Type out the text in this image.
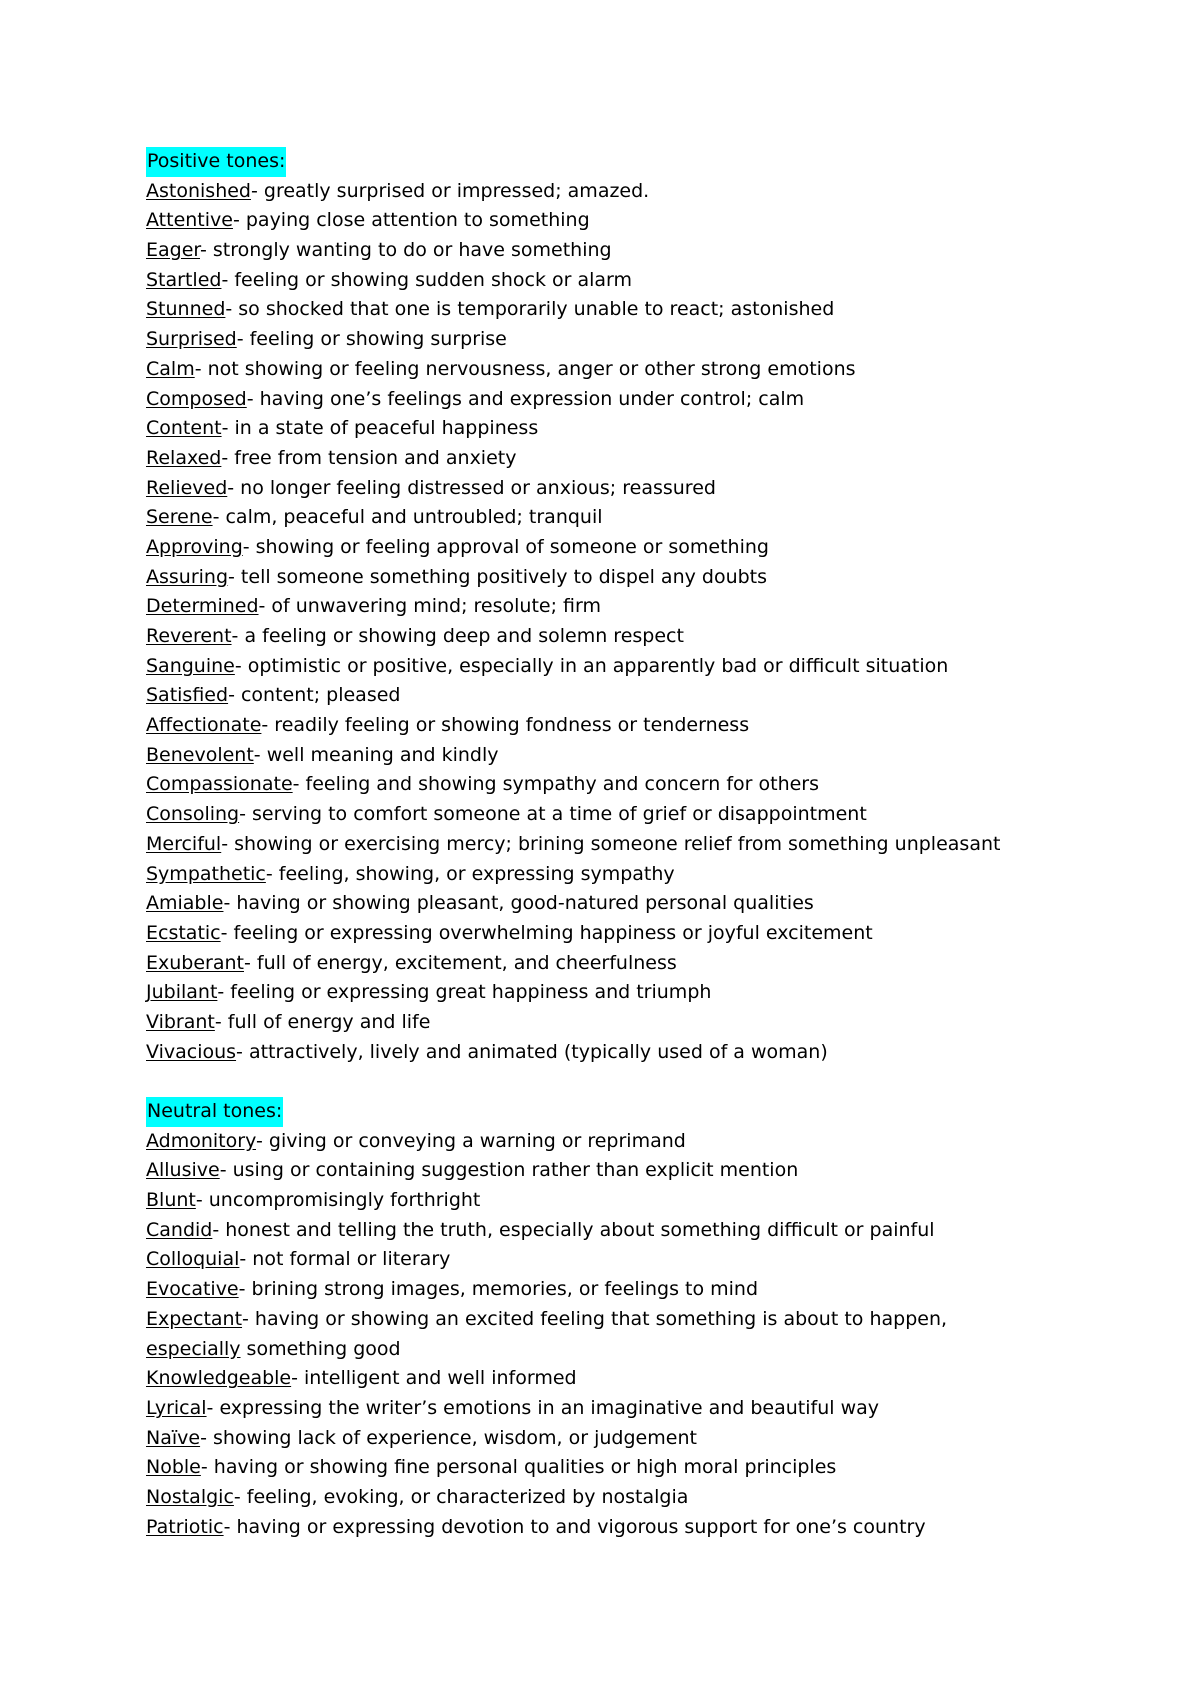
Positive tones:
Astonished- greatly surprised or impressed; amazed.
Attentive- paying close attention to something
Eager- strongly wanting to do or have something
Startled- feeling or showing sudden shock or alarm
Stunned- so shocked that one is temporarily unable to react; astonished
Surprised- feeling or showing surprise
Calm- not showing or feeling nervousness, anger or other strong emotions
Composed- having one’s feelings and expression under control; calm
Content- in a state of peaceful happiness
Relaxed- free from tension and anxiety
Relieved- no longer feeling distressed or anxious; reassured
Serene- calm, peaceful and untroubled; tranquil
Approving- showing or feeling approval of someone or something
Assuring- tell someone something positively to dispel any doubts
Determined- of unwavering mind; resolute; firm
Reverent- a feeling or showing deep and solemn respect
Sanguine- optimistic or positive, especially in an apparently bad or difficult situation
Satisfied- content; pleased
Affectionate- readily feeling or showing fondness or tenderness
Benevolent- well meaning and kindly
Compassionate- feeling and showing sympathy and concern for others
Consoling- serving to comfort someone at a time of grief or disappointment
Merciful- showing or exercising mercy; brining someone relief from something unpleasant
Sympathetic- feeling, showing, or expressing sympathy
Amiable- having or showing pleasant, good-natured personal qualities
Ecstatic- feeling or expressing overwhelming happiness or joyful excitement
Exuberant- full of energy, excitement, and cheerfulness
Jubilant- feeling or expressing great happiness and triumph
Vibrant- full of energy and life
Vivacious- attractively, lively and animated (typically used of a woman)
Neutral tones:
Admonitory- giving or conveying a warning or reprimand
Allusive- using or containing suggestion rather than explicit mention
Blunt- uncompromisingly forthright
Candid- honest and telling the truth, especially about something difficult or painful
Colloquial- not formal or literary
Evocative- brining strong images, memories, or feelings to mind
Expectant- having or showing an excited feeling that something is about to happen,
especially something good
Knowledgeable- intelligent and well informed
Lyrical- expressing the writer’s emotions in an imaginative and beautiful way
Naïve- showing lack of experience, wisdom, or judgement
Noble- having or showing fine personal qualities or high moral principles
Nostalgic- feeling, evoking, or characterized by nostalgia
Patriotic- having or expressing devotion to and vigorous support for one’s country
